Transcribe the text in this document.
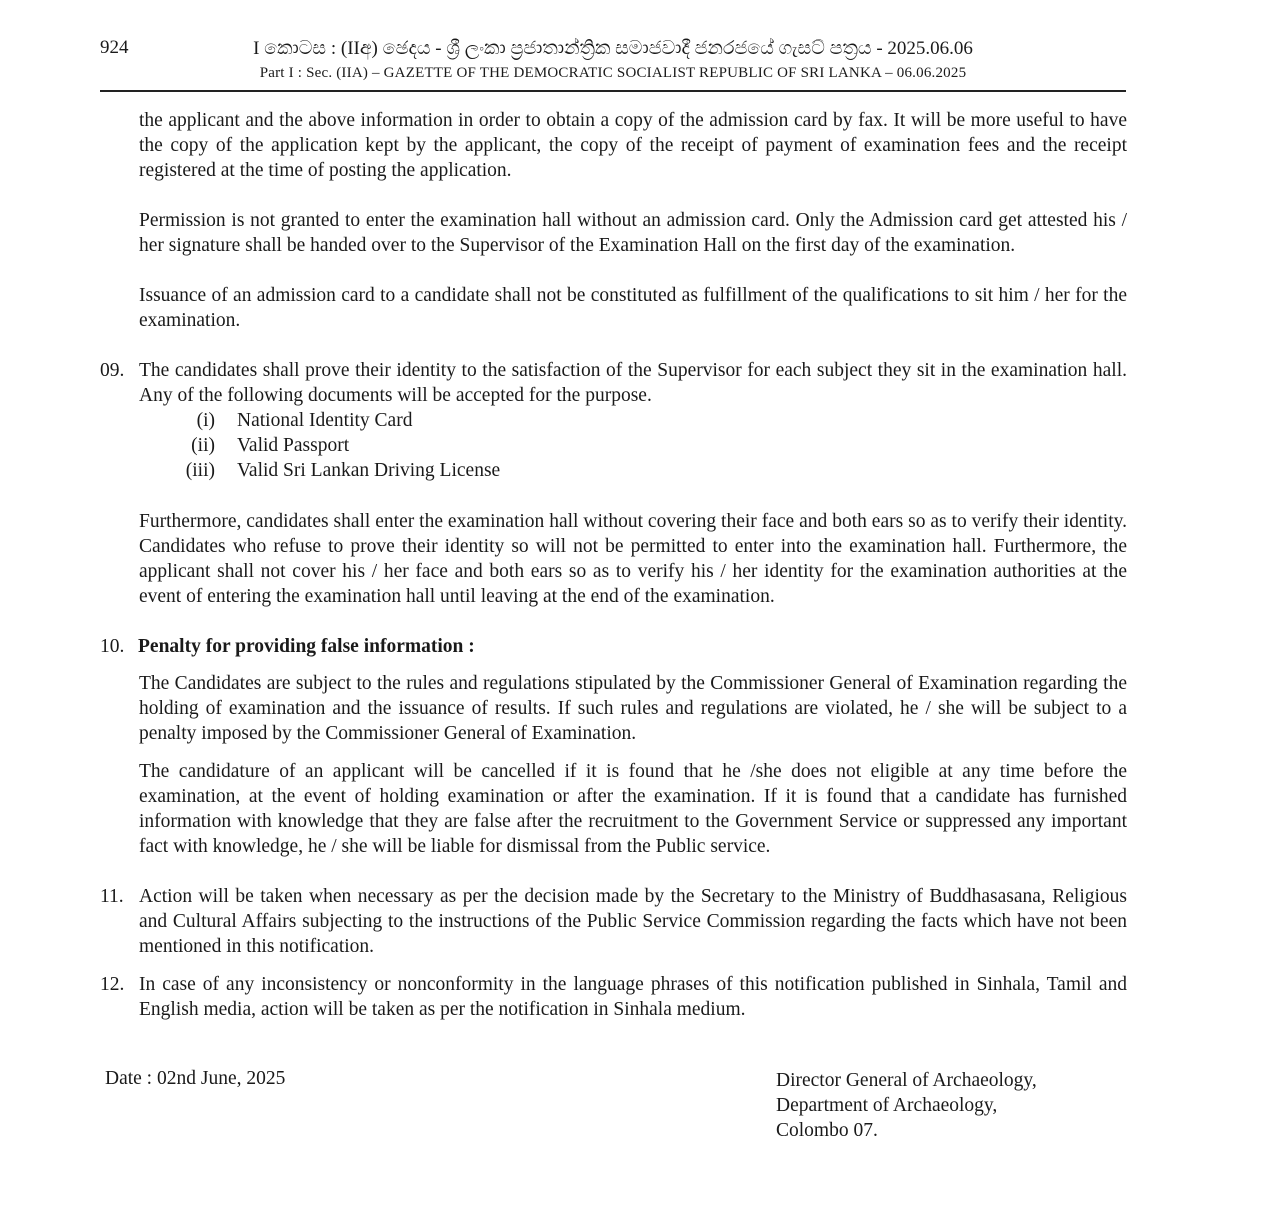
924	I කොටස : (IIඅ) ඡෙදය - ශ්‍රී ලංකා ප්‍රජාතාන්ත්‍රික සමාජවාදී ජනරජයේ ගැසට් පත්‍රය - 2025.06.06
Part I : Sec. (IIA) – GAZETTE OF THE DEMOCRATIC SOCIALIST REPUBLIC OF SRI LANKA – 06.06.2025

the applicant and the above information in order to obtain a copy of the admission card by fax. It will be more useful to have the copy of the application kept by the applicant, the copy of the receipt of payment of examination fees and the receipt registered at the time of posting the application.

Permission is not granted to enter the examination hall without an admission card. Only the Admission card get attested his / her signature shall be handed over to the Supervisor of the Examination Hall on the first day of the examination.

Issuance of an admission card to a candidate shall not be constituted as fulfillment of the qualifications to sit him / her for the examination.

09. The candidates shall prove their identity to the satisfaction of the Supervisor for each subject they sit in the examination hall. Any of the following documents will be accepted for the purpose.

(i) National Identity Card
(ii) Valid Passport
(iii) Valid Sri Lankan Driving License

Furthermore, candidates shall enter the examination hall without covering their face and both ears so as to verify their identity. Candidates who refuse to prove their identity so will not be permitted to enter into the examination hall. Furthermore, the applicant shall not cover his / her face and both ears so as to verify his / her identity for the examination authorities at the event of entering the examination hall until leaving at the end of the examination.

10. Penalty for providing false information :

The Candidates are subject to the rules and regulations stipulated by the Commissioner General of Examination regarding the holding of examination and the issuance of results. If such rules and regulations are violated, he / she will be subject to a penalty imposed by the Commissioner General of Examination.

The candidature of an applicant will be cancelled if it is found that he /she does not eligible at any time before the examination, at the event of holding examination or after the examination. If it is found that a candidate has furnished information with knowledge that they are false after the recruitment to the Government Service or suppressed any important fact with knowledge, he / she will be liable for dismissal from the Public service.

11. Action will be taken when necessary as per the decision made by the Secretary to the Ministry of Buddhasasana, Religious and Cultural Affairs subjecting to the instructions of the Public Service Commission regarding the facts which have not been mentioned in this notification.

12. In case of any inconsistency or nonconformity in the language phrases of this notification published in Sinhala, Tamil and English media, action will be taken as per the notification in Sinhala medium.

Date : 02nd June, 2025	Director General of Archaeology,
Department of Archaeology,
Colombo 07.
